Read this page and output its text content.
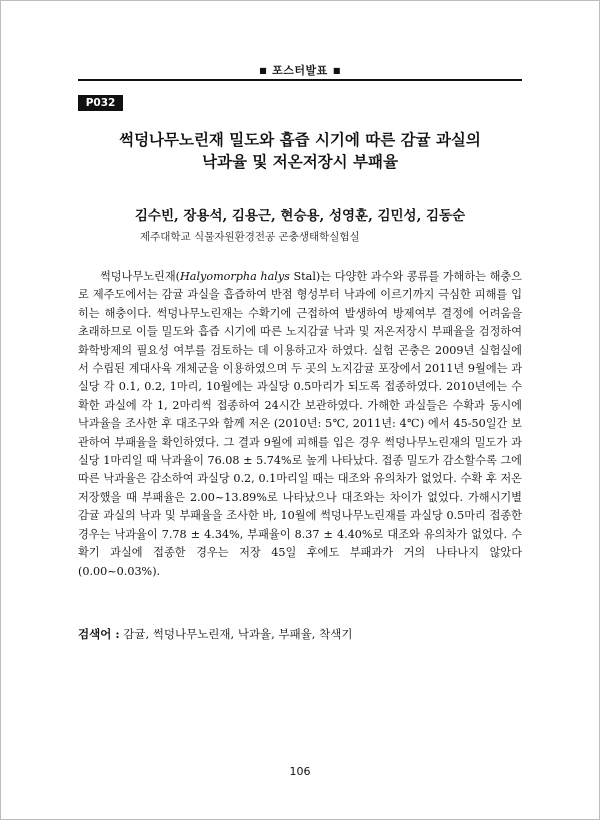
■ 포스터발표 ■
P032
썩덩나무노린재 밀도와 흡즙 시기에 따른 감귤 과실의
낙과율 및 저온저장시 부패율
김수빈, 장용석, 김용근, 현승용, 성영훈, 김민성, 김동순
제주대학교 식물자원환경전공 곤충생태학실험실

썩덩나무노린재(Halyomorpha halys Stal)는 다양한 과수와 콩류를 가해하는 해충으로 제주도에서는 감귤 과실을 흡즙하여 반점 형성부터 낙과에 이르기까지 극심한 피해를 입히는 해충이다. 썩덩나무노린재는 수확기에 근접하여 발생하여 방제여부 결정에 어려움을 초래하므로 이들 밀도와 흡즙 시기에 따른 노지감귤 낙과 및 저온저장시 부패율을 검정하여 화학방제의 필요성 여부를 검토하는 데 이용하고자 하였다. 실험 곤충은 2009년 실험실에서 수립된 계대사육 개체군을 이용하였으며 두 곳의 노지감귤 포장에서 2011년 9월에는 과실당 각 0.1, 0.2, 1마리, 10월에는 과실당 0.5마리가 되도록 접종하였다. 2010년에는 수확한 과실에 각 1, 2마리씩 접종하여 24시간 보관하였다. 가해한 과실들은 수확과 동시에 낙과율을 조사한 후 대조구와 함께 저온 (2010년: 5℃, 2011년: 4℃) 에서 45-50일간 보관하여 부패율을 확인하였다. 그 결과 9월에 피해를 입은 경우 썩덩나무노린재의 밀도가 과실당 1마리일 때 낙과율이 76.08 ± 5.74%로 높게 나타났다. 접종 밀도가 감소할수록 그에 따른 낙과율은 감소하여 과실당 0.2, 0.1마리일 때는 대조와 유의차가 없었다. 수확 후 저온저장했을 때 부패율은 2.00~13.89%로 나타났으나 대조와는 차이가 없었다. 가해시기별 감귤 과실의 낙과 및 부패율을 조사한 바, 10월에 썩덩나무노린재를 과실당 0.5마리 접종한 경우는 낙과율이 7.78 ± 4.34%, 부패율이 8.37 ± 4.40%로 대조와 유의차가 없었다. 수확기 과실에 접종한 경우는 저장 45일 후에도 부패과가 거의 나타나지 않았다 (0.00~0.03%).

검색어 : 감귤, 썩덩나무노린재, 낙과율, 부패율, 착색기
106
